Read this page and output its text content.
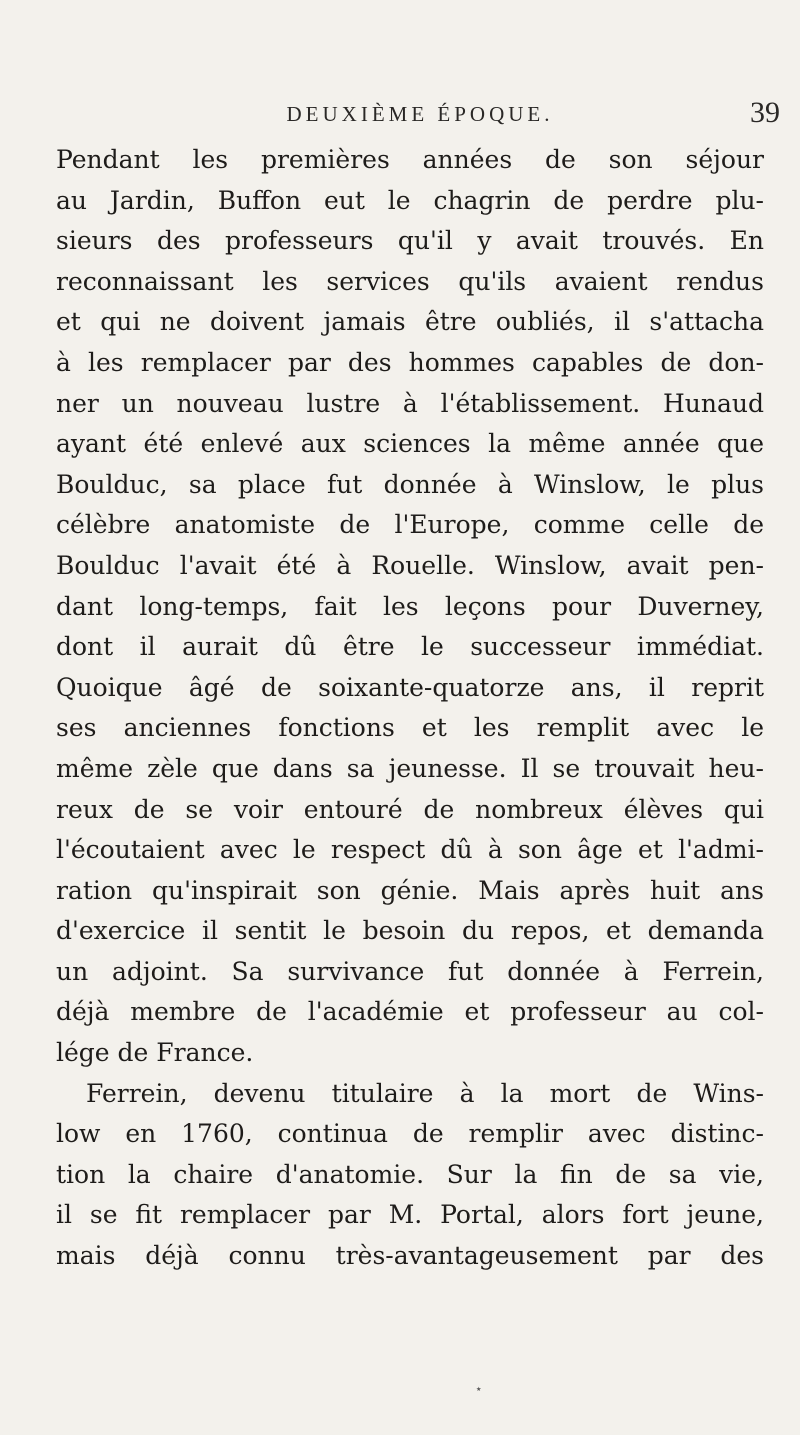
DEUXIÈME ÉPOQUE.	39
Pendant les premières années de son séjour
au Jardin, Buffon eut le chagrin de perdre plu-
sieurs des professeurs qu'il y avait trouvés. En
reconnaissant les services qu'ils avaient rendus
et qui ne doivent jamais être oubliés, il s'attacha
à les remplacer par des hommes capables de don-
ner un nouveau lustre à l'établissement. Hunaud
ayant été enlevé aux sciences la même année que
Boulduc, sa place fut donnée à Winslow, le plus
célèbre anatomiste de l'Europe, comme celle de
Boulduc l'avait été à Rouelle. Winslow, avait pen-
dant long-temps, fait les leçons pour Duverney,
dont il aurait dû être le successeur immédiat.
Quoique âgé de soixante-quatorze ans, il reprit
ses anciennes fonctions et les remplit avec le
même zèle que dans sa jeunesse. Il se trouvait heu-
reux de se voir entouré de nombreux élèves qui
l'écoutaient avec le respect dû à son âge et l'admi-
ration qu'inspirait son génie. Mais après huit ans
d'exercice il sentit le besoin du repos, et demanda
un adjoint. Sa survivance fut donnée à Ferrein,
déjà membre de l'académie et professeur au col-
lége de France.
Ferrein, devenu titulaire à la mort de Wins-
low en 1760, continua de remplir avec distinc-
tion la chaire d'anatomie. Sur la fin de sa vie,
il se fit remplacer par M. Portal, alors fort jeune,
mais déjà connu très-avantageusement par des
٭
